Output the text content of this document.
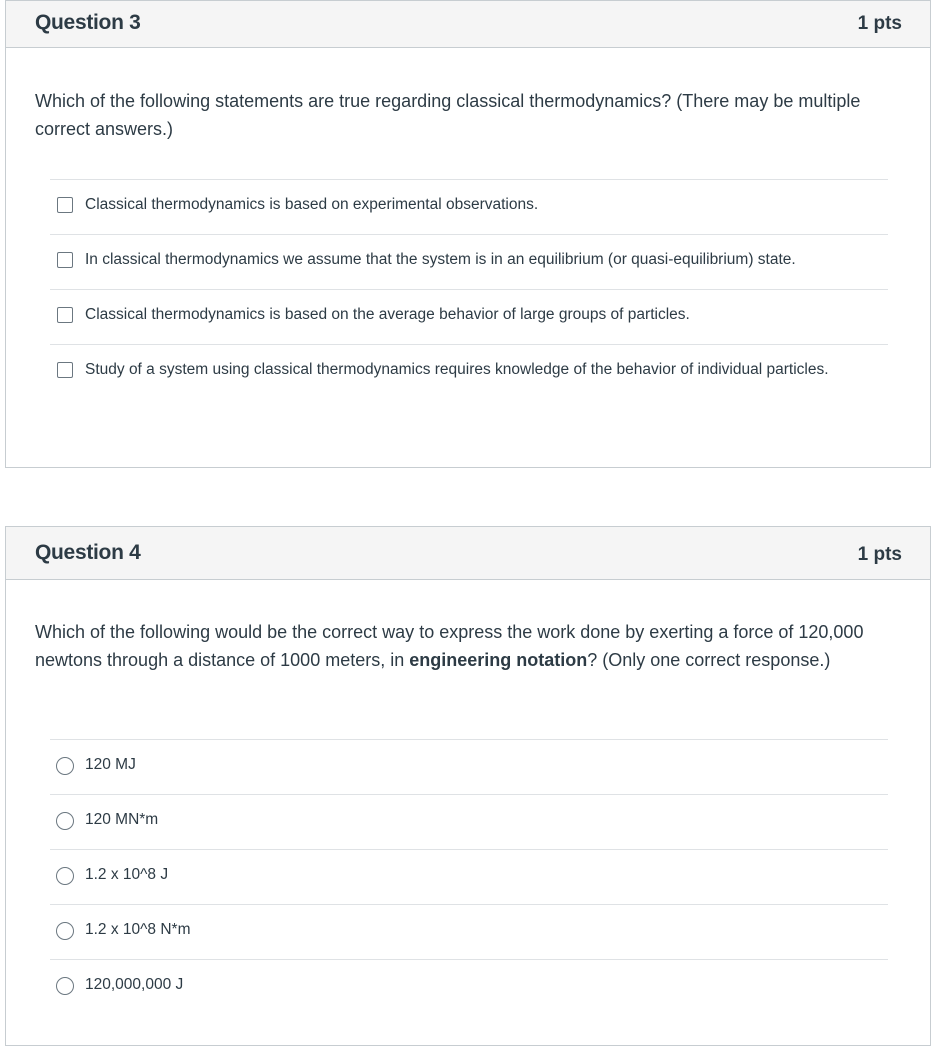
Question 3	1 pts
Which of the following statements are true regarding classical thermodynamics? (There may be multiple correct answers.)
Classical thermodynamics is based on experimental observations.
In classical thermodynamics we assume that the system is in an equilibrium (or quasi-equilibrium) state.
Classical thermodynamics is based on the average behavior of large groups of particles.
Study of a system using classical thermodynamics requires knowledge of the behavior of individual particles.
Question 4	1 pts
Which of the following would be the correct way to express the work done by exerting a force of 120,000 newtons through a distance of 1000 meters, in engineering notation? (Only one correct response.)
120 MJ
120 MN*m
1.2 x 10^8 J
1.2 x 10^8 N*m
120,000,000 J
